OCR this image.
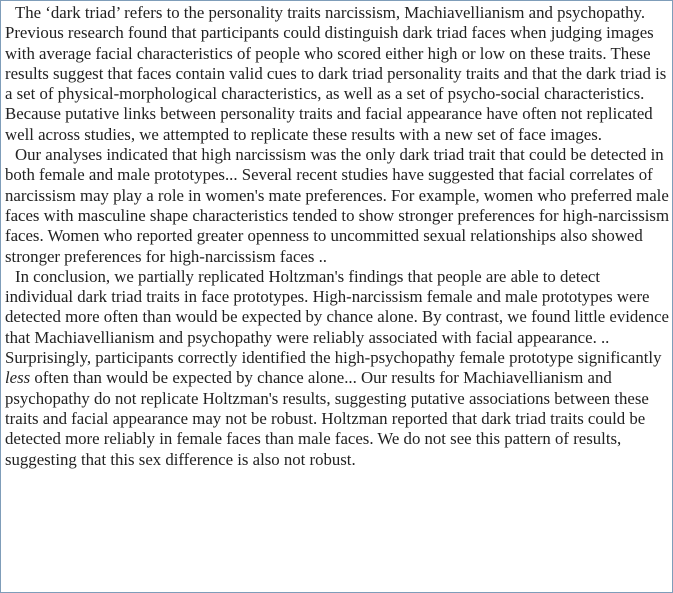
The ‘dark triad’ refers to the personality traits narcissism, Machiavellianism and psychopathy. Previous research found that participants could distinguish dark triad faces when judging images with average facial characteristics of people who scored either high or low on these traits. These results suggest that faces contain valid cues to dark triad personality traits and that the dark triad is a set of physical-morphological characteristics, as well as a set of psycho-social characteristics. Because putative links between personality traits and facial appearance have often not replicated well across studies, we attempted to replicate these results with a new set of face images.

Our analyses indicated that high narcissism was the only dark triad trait that could be detected in both female and male prototypes... Several recent studies have suggested that facial correlates of narcissism may play a role in women's mate preferences. For example, women who preferred male faces with masculine shape characteristics tended to show stronger preferences for high-narcissism faces. Women who reported greater openness to uncommitted sexual relationships also showed stronger preferences for high-narcissism faces ..

In conclusion, we partially replicated Holtzman's findings that people are able to detect individual dark triad traits in face prototypes. High-narcissism female and male prototypes were detected more often than would be expected by chance alone. By contrast, we found little evidence that Machiavellianism and psychopathy were reliably associated with facial appearance. .. Surprisingly, participants correctly identified the high-psychopathy female prototype significantly less often than would be expected by chance alone... Our results for Machiavellianism and psychopathy do not replicate Holtzman's results, suggesting putative associations between these traits and facial appearance may not be robust. Holtzman reported that dark triad traits could be detected more reliably in female faces than male faces. We do not see this pattern of results, suggesting that this sex difference is also not robust.
